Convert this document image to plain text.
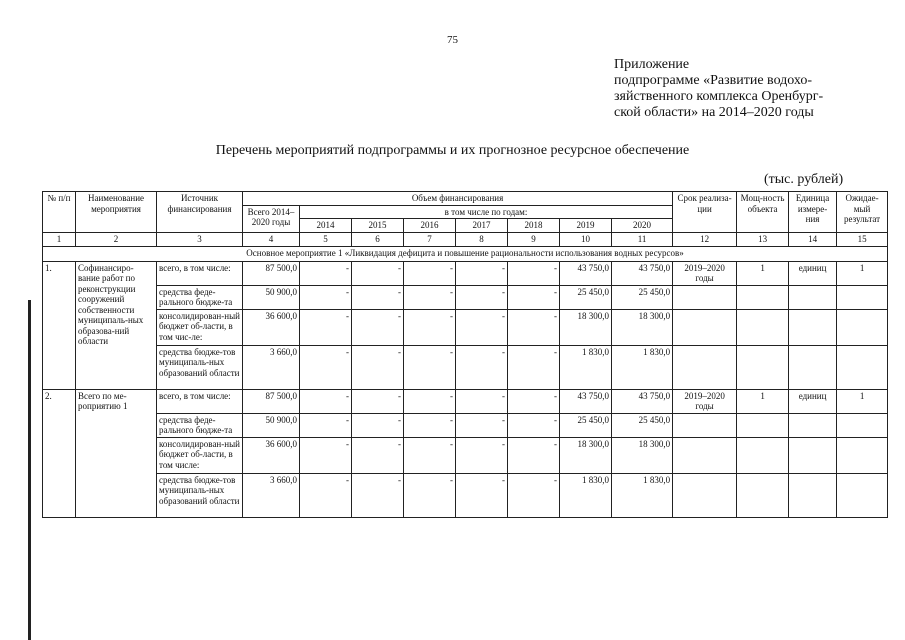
75
Приложение
подпрограмме «Развитие водохо-
зяйственного комплекса Оренбург-
ской области» на 2014–2020 годы
Перечень мероприятий подпрограммы и их прогнозное ресурсное обеспечение
(тыс. рублей)
№ п/п	Наименование мероприятия	Источник финансирования	Объем финансирования								Срок реализа-ции	Мощ-ность объекта	Единица измере-ния	Ожидае-мый результат
			Всего 2014–2020 годы	в том числе по годам:										
				2014	2015	2016	2017	2018	2019	2020				
1	2	3	4	5	6	7	8	9	10	11	12	13	14	15
Основное мероприятие 1 «Ликвидация дефицита и повышение рациональности использования водных ресурсов»														
1.	Софинансиро-вание работ по реконструкции сооружений собственности муниципаль-ных образова-ний области	всего, в том числе:	87 500,0	-	-	-	-	-	43 750,0	43 750,0	2019–2020 годы	1	единиц	1
		средства феде-рального бюдже-та	50 900,0	-	-	-	-	-	25 450,0	25 450,0				
		консолидирован-ный бюджет об-ласти, в том чис-ле:	36 600,0	-	-	-	-	-	18 300,0	18 300,0				
		средства бюдже-тов муниципаль-ных образований области	3 660,0	-	-	-	-	-	1 830,0	1 830,0				
2.	Всего по ме-роприятию 1	всего, в том числе:	87 500,0	-	-	-	-	-	43 750,0	43 750,0	2019–2020 годы	1	единиц	1
		средства феде-рального бюдже-та	50 900,0	-	-	-	-	-	25 450,0	25 450,0				
		консолидирован-ный бюджет об-ласти, в том числе:	36 600,0	-	-	-	-	-	18 300,0	18 300,0				
		средства бюдже-тов муниципаль-ных образований области	3 660,0	-	-	-	-	-	1 830,0	1 830,0				
